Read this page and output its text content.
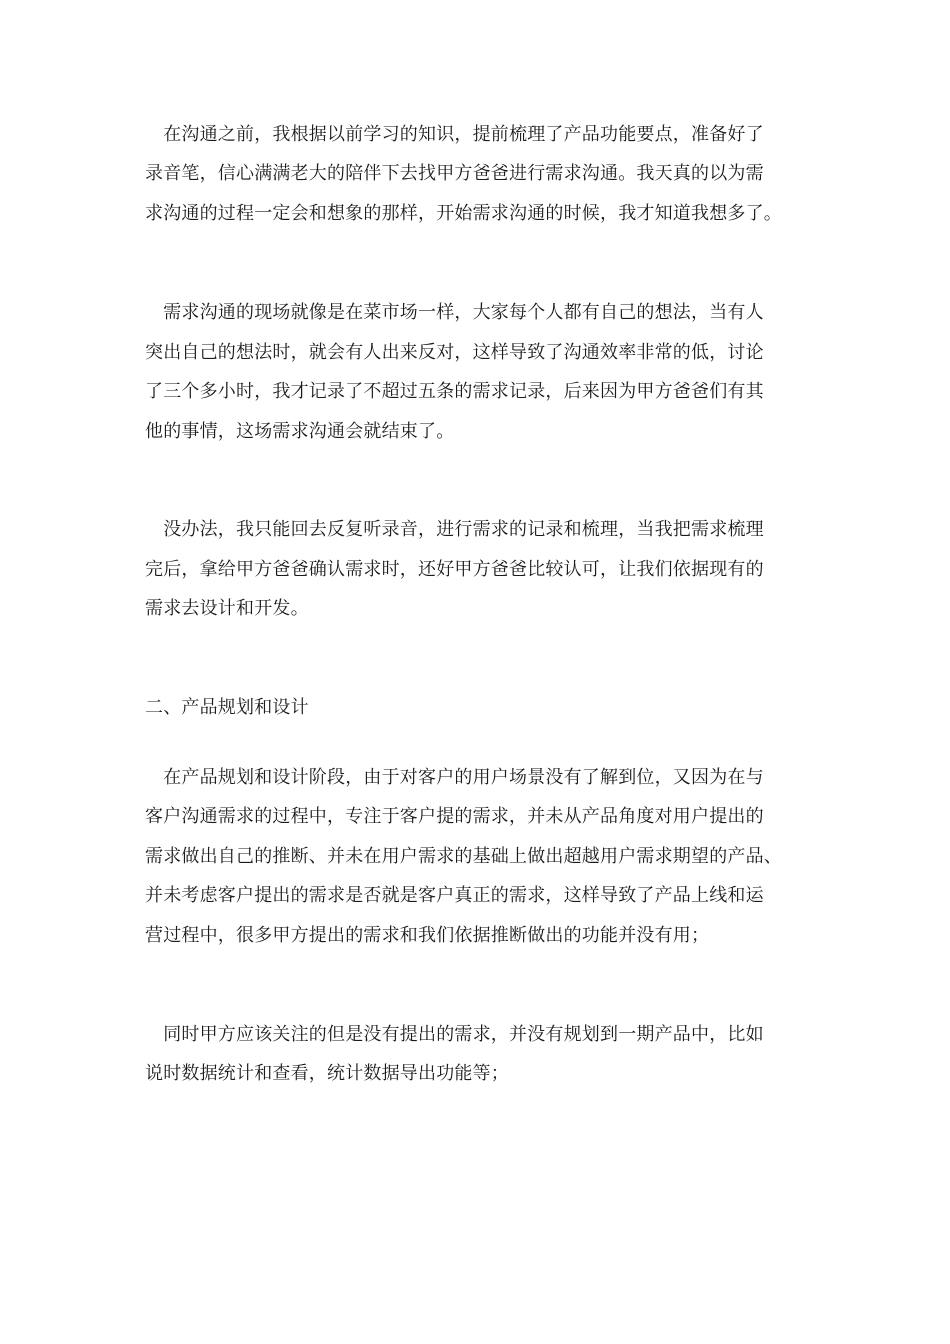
　在沟通之前，我根据以前学习的知识，提前梳理了产品功能要点，准备好了
录音笔，信心满满老大的陪伴下去找甲方爸爸进行需求沟通。我天真的以为需
求沟通的过程一定会和想象的那样，开始需求沟通的时候，我才知道我想多了。
　需求沟通的现场就像是在菜市场一样，大家每个人都有自己的想法，当有人
突出自己的想法时，就会有人出来反对，这样导致了沟通效率非常的低，讨论
了三个多小时，我才记录了不超过五条的需求记录，后来因为甲方爸爸们有其
他的事情，这场需求沟通会就结束了。
　没办法，我只能回去反复听录音，进行需求的记录和梳理，当我把需求梳理
完后，拿给甲方爸爸确认需求时，还好甲方爸爸比较认可，让我们依据现有的
需求去设计和开发。
二、产品规划和设计
　在产品规划和设计阶段，由于对客户的用户场景没有了解到位，又因为在与
客户沟通需求的过程中，专注于客户提的需求，并未从产品角度对用户提出的
需求做出自己的推断、并未在用户需求的基础上做出超越用户需求期望的产品、
并未考虑客户提出的需求是否就是客户真正的需求，这样导致了产品上线和运
营过程中，很多甲方提出的需求和我们依据推断做出的功能并没有用；
　同时甲方应该关注的但是没有提出的需求，并没有规划到一期产品中，比如
说时数据统计和查看，统计数据导出功能等；
